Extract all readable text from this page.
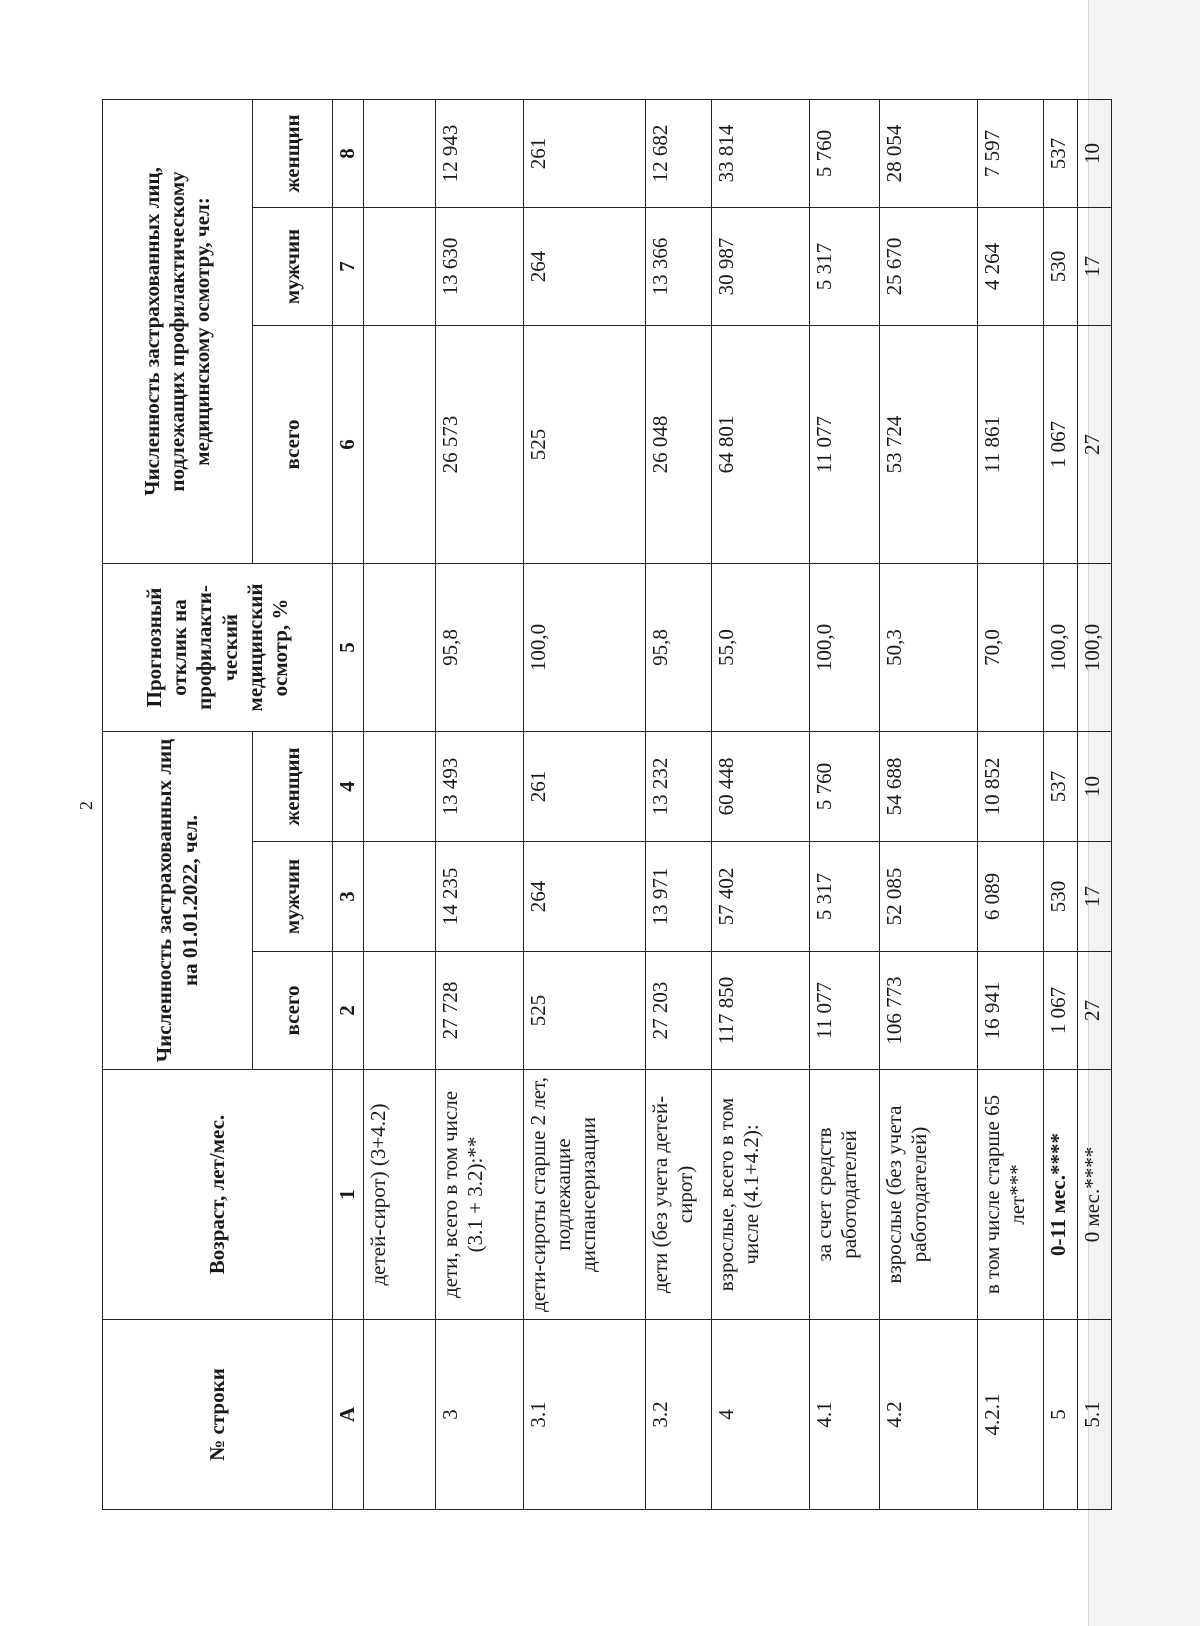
2
№ строки	Возраст, лет/мес.	Численность застрахованных лиц на 01.01.2022, чел.			Прогнозный отклик на профилакти-ческий медицинский осмотр, %	Численность застрахованных лиц, подлежащих профилактическому медицинскому осмотру, чел:		
		всего	мужчин	женщин		всего	мужчин	женщин
А	1	2	3	4	5	6	7	8
	детей-сирот) (3+4.2)							
3	дети, всего в том числе (3.1 + 3.2):**	27 728	14 235	13 493	95,8	26 573	13 630	12 943
3.1	дети-сироты старше 2 лет, подлежащие диспансеризации	525	264	261	100,0	525	264	261
3.2	дети (без учета детей-сирот)	27 203	13 971	13 232	95,8	26 048	13 366	12 682
4	взрослые, всего в том числе (4.1+4.2):	117 850	57 402	60 448	55,0	64 801	30 987	33 814
4.1	за счет средств работодателей	11 077	5 317	5 760	100,0	11 077	5 317	5 760
4.2	взрослые (без учета работодателей)	106 773	52 085	54 688	50,3	53 724	25 670	28 054
4.2.1	в том числе старше 65 лет***	16 941	6 089	10 852	70,0	11 861	4 264	7 597
5	0-11 мес.****	1 067	530	537	100,0	1 067	530	537
5.1	0 мес.****	27	17	10	100,0	27	17	10
